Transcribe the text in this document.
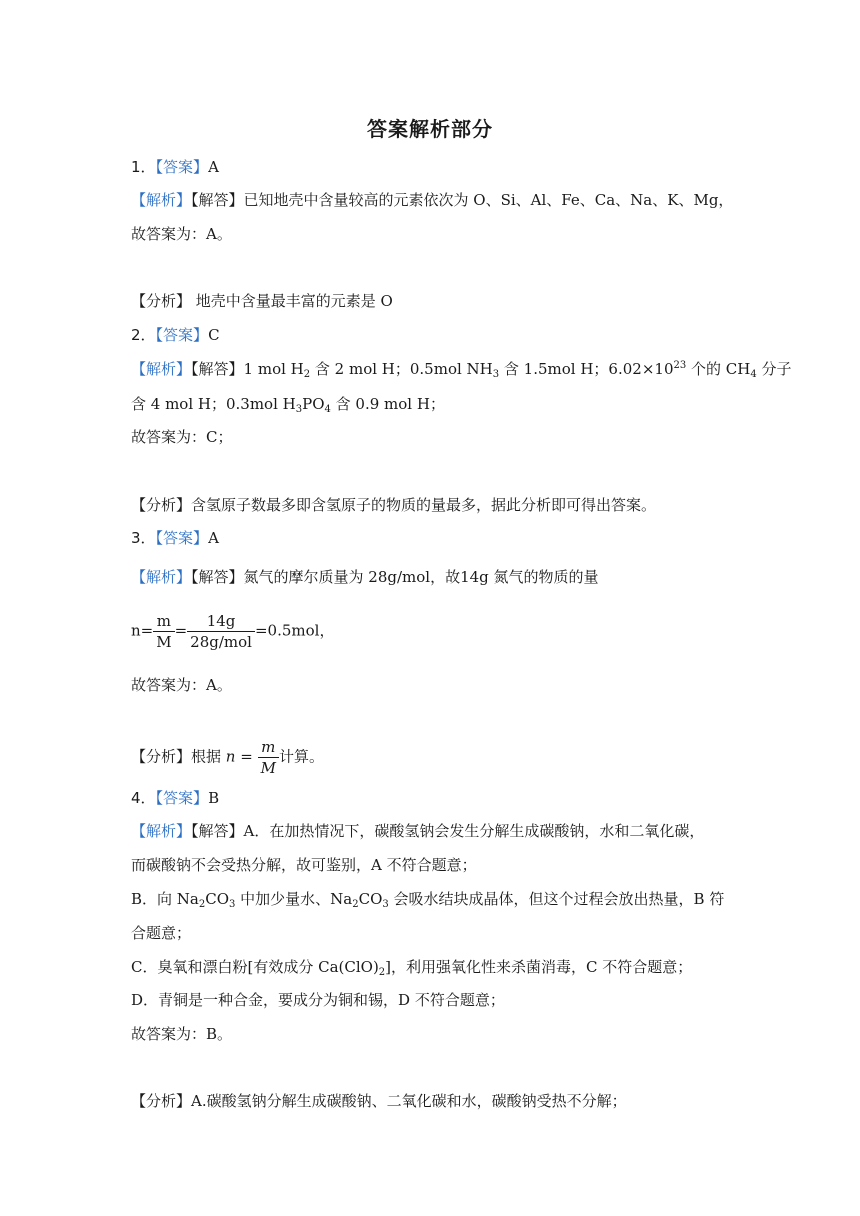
答案解析部分
1．【答案】A
【解析】【解答】已知地壳中含量较高的元素依次为 O、Si、Al、Fe、Ca、Na、K、Mg，
故答案为：A。
【分析】 地壳中含量最丰富的元素是 O
2．【答案】C
【解析】【解答】1 mol $H_2$ 含 2 mol H；0.5mol $NH_3$ 含 1.5mol H；$6.02\times 10^{23}$ 个的 $CH_4$ 分子
含 4 mol H；0.3mol $H_3PO_4$ 含 0.9 mol H；
故答案为：C；
【分析】含氢原子数最多即含氢原子的物质的量最多，据此分析即可得出答案。
3．【答案】A
【解析】【解答】氮气的摩尔质量为 28g/mol，故14g 氮气的物质的量
$n= \frac{m}{M} = \frac{14g}{\text{28g/mol}} =0.5mol$，
故答案为：A。
【分析】根据 $n = \frac{m}{M}$ 计算。
4．【答案】B
【解析】【解答】A．在加热情况下，碳酸氢钠会发生分解生成碳酸钠，水和二氧化碳，
而碳酸钠不会受热分解，故可鉴别，A 不符合题意；
B．向 $Na_2CO_3$ 中加少量水、$Na_2CO_3$ 会吸水结块成晶体，但这个过程会放出热量，B 符
合题意；
C．臭氧和漂白粉[有效成分 $Ca(ClO)_2$]，利用强氧化性来杀菌消毒，C 不符合题意；
D．青铜是一种合金，要成分为铜和锡，D 不符合题意；
故答案为：B。
【分析】A.碳酸氢钠分解生成碳酸钠、二氧化碳和水，碳酸钠受热不分解；
